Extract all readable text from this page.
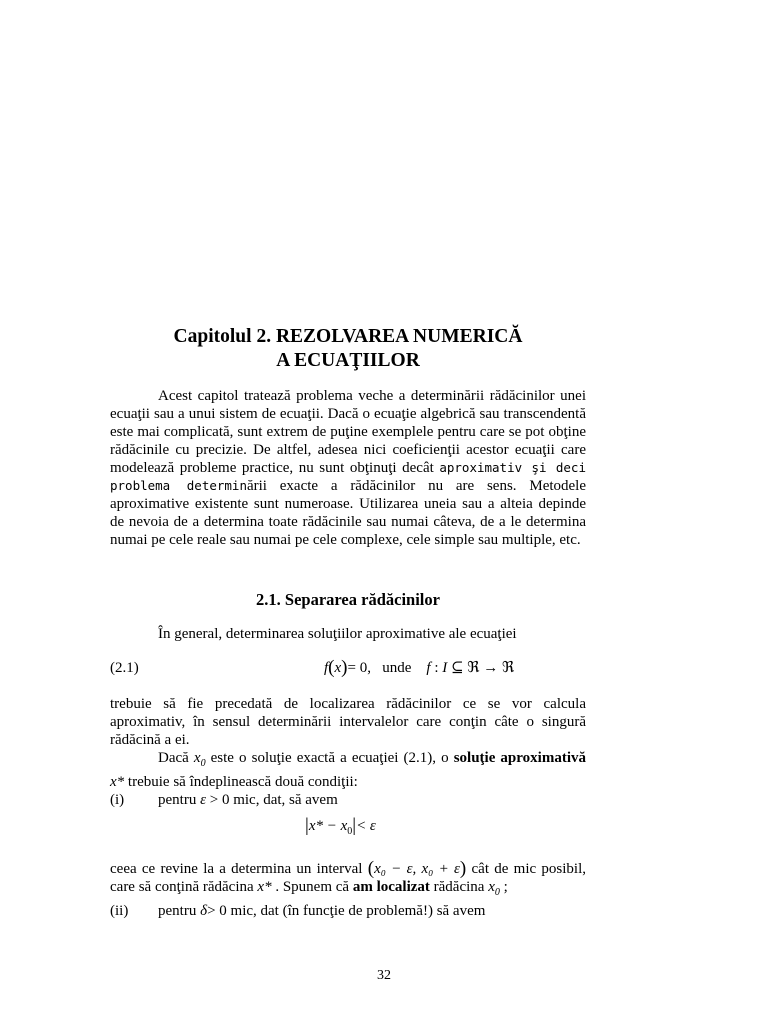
Capitolul 2. REZOLVAREA NUMERICĂ
A ECUAŢIILOR

Acest capitol tratează problema veche a determinării rădăcinilor unei ecuaţii sau a unui sistem de ecuaţii. Dacă o ecuaţie algebrică sau transcendentă este mai complicată, sunt extrem de puţine exemplele pentru care se pot obţine rădăcinile cu precizie. De altfel, adesea nici coeficienţii acestor ecuaţii care modelează probleme practice, nu sunt obţinuţi decât aproximativ şi deci problema determinării exacte a rădăcinilor nu are sens. Metodele aproximative existente sunt numeroase. Utilizarea uneia sau a alteia depinde de nevoia de a determina toate rădăcinile sau numai câteva, de a le determina numai pe cele reale sau numai pe cele complexe, cele simple sau multiple, etc.

2.1. Separarea rădăcinilor

În general, determinarea soluţiilor aproximative ale ecuaţiei

(2.1)	f(x)= 0, unde f : I ⊆ ℜ → ℜ

trebuie să fie precedată de localizarea rădăcinilor ce se vor calcula aproximativ, în sensul determinării intervalelor care conţin câte o singură rădăcină a ei.

Dacă $x_0$ este o soluţie exactă a ecuaţiei (2.1), o soluţie aproximativă x* trebuie să îndeplinească două condiţii:

(i) pentru ε > 0 mic, dat, să avem

$|x* - x_0|< \varepsilon$

ceea ce revine la a determina un interval (x₀ − ε, x₀ + ε) cât de mic posibil, care să conţină rădăcina x* . Spunem că am localizat rădăcina $x_0$ ;

(ii) pentru δ> 0 mic, dat (în funcţie de problemă!) să avem

32
